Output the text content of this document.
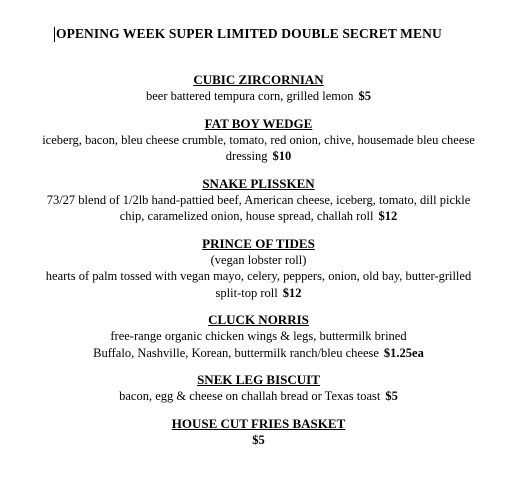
OPENING WEEK SUPER LIMITED DOUBLE SECRET MENU
CUBIC ZIRCORNIAN
beer battered tempura corn, grilled lemon $5
FAT BOY WEDGE
iceberg, bacon, bleu cheese crumble, tomato, red onion, chive, housemade bleu cheese
dressing $10
SNAKE PLISSKEN
73/27 blend of 1/2lb hand-pattied beef, American cheese, iceberg, tomato, dill pickle
chip, caramelized onion, house spread, challah roll $12
PRINCE OF TIDES
(vegan lobster roll)
hearts of palm tossed with vegan mayo, celery, peppers, onion, old bay, butter-grilled
split-top roll $12
CLUCK NORRIS
free-range organic chicken wings & legs, buttermilk brined
Buffalo, Nashville, Korean, buttermilk ranch/bleu cheese $1.25ea
SNEK LEG BISCUIT
bacon, egg & cheese on challah bread or Texas toast $5
HOUSE CUT FRIES BASKET
$5
